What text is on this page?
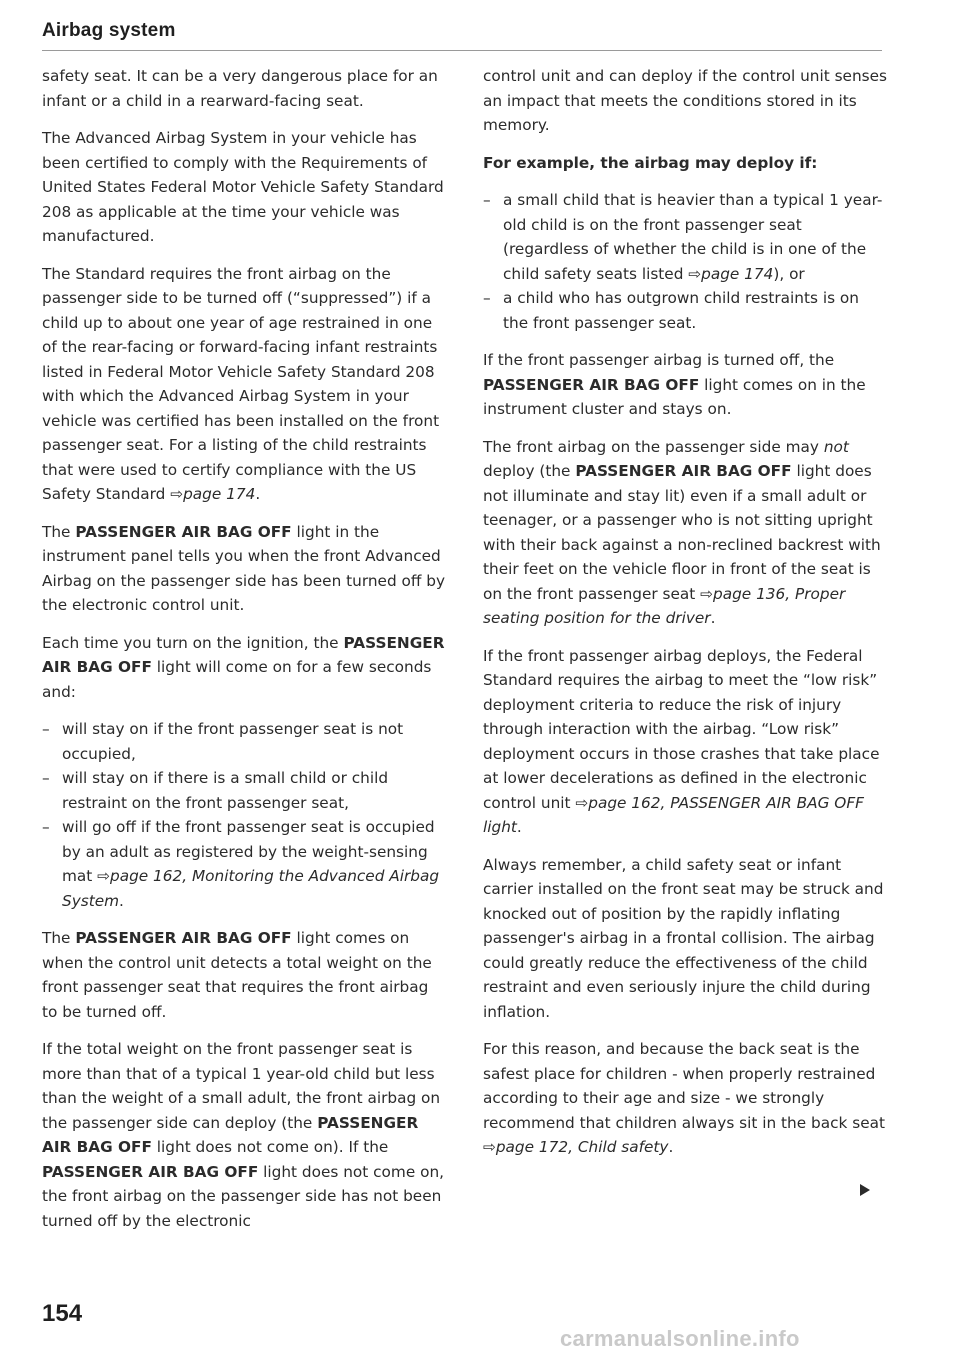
Airbag system

safety seat. It can be a very dangerous place for an infant or a child in a rearward-facing seat.

The Advanced Airbag System in your vehicle has been certified to comply with the Requirements of United States Federal Motor Vehicle Safety Standard 208 as applicable at the time your vehicle was manufactured.

The Standard requires the front airbag on the passenger side to be turned off (“suppressed”) if a child up to about one year of age restrained in one of the rear-facing or forward-facing infant restraints listed in Federal Motor Vehicle Safety Standard 208 with which the Advanced Airbag System in your vehicle was certified has been installed on the front passenger seat. For a listing of the child restraints that were used to certify compliance with the US Safety Standard ⇨page 174.

The PASSENGER AIR BAG OFF light in the instrument panel tells you when the front Advanced Airbag on the passenger side has been turned off by the electronic control unit.

Each time you turn on the ignition, the PASSENGER AIR BAG OFF light will come on for a few seconds and:

– will stay on if the front passenger seat is not occupied,
– will stay on if there is a small child or child restraint on the front passenger seat,
– will go off if the front passenger seat is occupied by an adult as registered by the weight-sensing mat ⇨page 162, Monitoring the Advanced Airbag System.

The PASSENGER AIR BAG OFF light comes on when the control unit detects a total weight on the front passenger seat that requires the front airbag to be turned off.

If the total weight on the front passenger seat is more than that of a typical 1 year-old child but less than the weight of a small adult, the front airbag on the passenger side can deploy (the PASSENGER AIR BAG OFF light does not come on). If the PASSENGER AIR BAG OFF light does not come on, the front airbag on the passenger side has not been turned off by the electronic

control unit and can deploy if the control unit senses an impact that meets the conditions stored in its memory.

For example, the airbag may deploy if:

– a small child that is heavier than a typical 1 year-old child is on the front passenger seat (regardless of whether the child is in one of the child safety seats listed ⇨page 174), or
– a child who has outgrown child restraints is on the front passenger seat.

If the front passenger airbag is turned off, the PASSENGER AIR BAG OFF light comes on in the instrument cluster and stays on.

The front airbag on the passenger side may not deploy (the PASSENGER AIR BAG OFF light does not illuminate and stay lit) even if a small adult or teenager, or a passenger who is not sitting upright with their back against a non-reclined backrest with their feet on the vehicle floor in front of the seat is on the front passenger seat ⇨page 136, Proper seating position for the driver.

If the front passenger airbag deploys, the Federal Standard requires the airbag to meet the “low risk” deployment criteria to reduce the risk of injury through interaction with the airbag. “Low risk” deployment occurs in those crashes that take place at lower decelerations as defined in the electronic control unit ⇨page 162, PASSENGER AIR BAG OFF light.

Always remember, a child safety seat or infant carrier installed on the front seat may be struck and knocked out of position by the rapidly inflating passenger's airbag in a frontal collision. The airbag could greatly reduce the effectiveness of the child restraint and even seriously injure the child during inflation.

For this reason, and because the back seat is the safest place for children - when properly restrained according to their age and size - we strongly recommend that children always sit in the back seat ⇨page 172, Child safety.

154
carmanualsonline.info
